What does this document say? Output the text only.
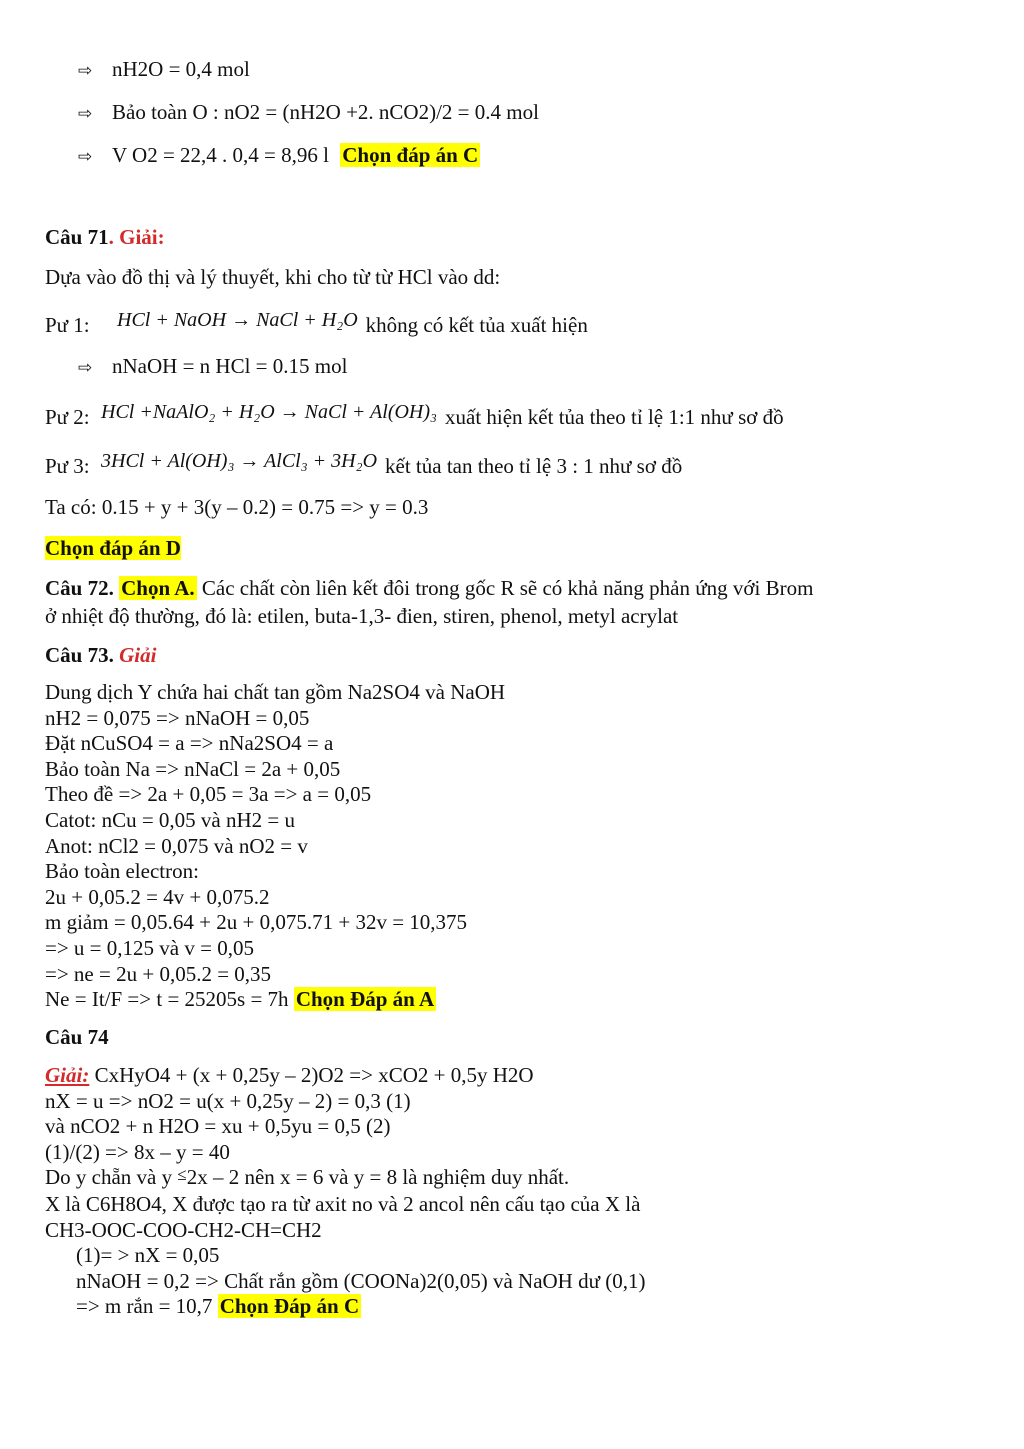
⇨ nH2O = 0,4 mol
⇨ Bảo toàn O : nO2 = (nH2O +2. nCO2)/2 = 0.4 mol
⇨ V O2 = 22,4 . 0,4 = 8,96 l Chọn đáp án C
Câu 71. Giải:
Dựa vào đồ thị và lý thuyết, khi cho từ từ HCl vào dd:
Pư 1: HCl + NaOH → NaCl + H₂O không có kết tủa xuất hiện
⇨ nNaOH = n HCl = 0.15 mol
Pư 2: HCl +NaAlO₂ + H₂O → NaCl + Al(OH)₃ xuất hiện kết tủa theo tỉ lệ 1:1 như sơ đồ
Pư 3: 3HCl + Al(OH)₃ → AlCl₃ + 3H₂O kết tủa tan theo tỉ lệ 3 : 1 như sơ đồ
Ta có: 0.15 + y + 3(y – 0.2) = 0.75 => y = 0.3
Chọn đáp án D
Câu 72. Chọn A. Các chất còn liên kết đôi trong gốc R sẽ có khả năng phản ứng với Brom
ở nhiệt độ thường, đó là: etilen, buta-1,3- đien, stiren, phenol, metyl acrylat
Câu 73. Giải
Dung dịch Y chứa hai chất tan gồm Na2SO4 và NaOH
nH2 = 0,075 => nNaOH = 0,05
Đặt nCuSO4 = a => nNa2SO4 = a
Bảo toàn Na => nNaCl = 2a + 0,05
Theo đề => 2a + 0,05 = 3a => a = 0,05
Catot: nCu = 0,05 và nH2 = u
Anot: nCl2 = 0,075 và nO2 = v
Bảo toàn electron:
2u + 0,05.2 = 4v + 0,075.2
m giảm = 0,05.64 + 2u + 0,075.71 + 32v = 10,375
=> u = 0,125 và v = 0,05
=> ne = 2u + 0,05.2 = 0,35
Ne = It/F => t = 25205s = 7h Chọn Đáp án A
Câu 74
Giải: CxHyO4 + (x + 0,25y – 2)O2 => xCO2 + 0,5y H2O
nX = u => nO2 = u(x + 0,25y – 2) = 0,3 (1)
và nCO2 + n H2O = xu + 0,5yu = 0,5 (2)
(1)/(2) => 8x – y = 40
Do y chẵn và y ≤2x – 2 nên x = 6 và y = 8 là nghiệm duy nhất.
X là C6H8O4, X được tạo ra từ axit no và 2 ancol nên cấu tạo của X là
CH3-OOC-COO-CH2-CH=CH2
(1)= > nX = 0,05
nNaOH = 0,2 => Chất rắn gồm (COONa)2(0,05) và NaOH dư (0,1)
=> m rắn = 10,7 Chọn Đáp án C
